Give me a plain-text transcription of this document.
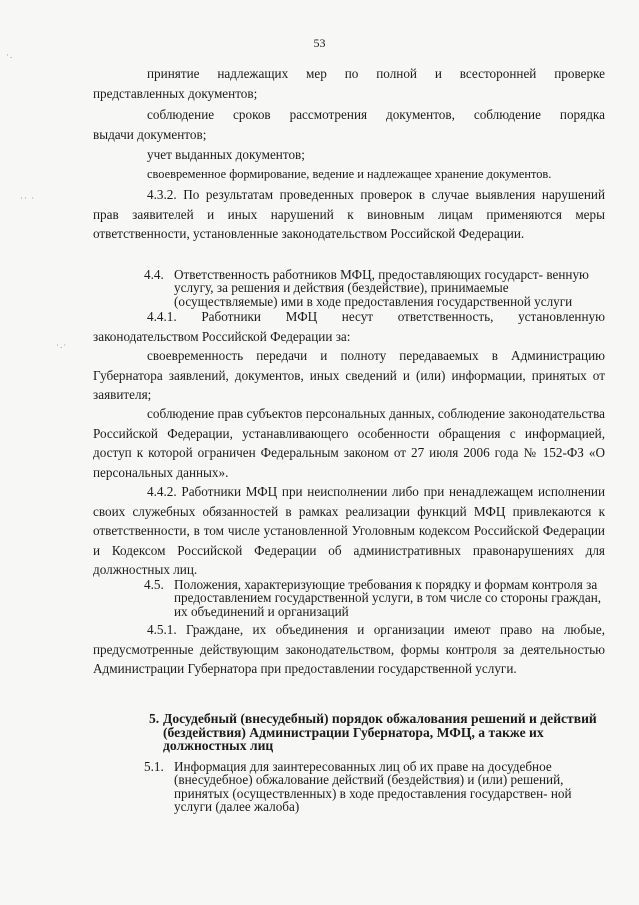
53
·.
·· ·
·.·

принятие надлежащих мер по полной и всесторонней проверке

представленных документов;

соблюдение сроков рассмотрения документов, соблюдение порядка

выдачи документов;

учет выданных документов;

своевременное формирование, ведение и надлежащее хранение документов.

4.3.2. По результатам проведенных проверок в случае выявления нарушений прав заявителей и иных нарушений к виновным лицам применяются меры ответственности, установленные законодательством Российской Федерации.

4.4. Ответственность работников МФЦ, предоставляющих государст- венную услугу, за решения и действия (бездействие), принимаемые (осуществляемые) ими в ходе предоставления государственной услуги

4.4.1. Работники МФЦ несут ответственность, установленную законодательством Российской Федерации за:

своевременность передачи и полноту передаваемых в Администрацию Губернатора заявлений, документов, иных сведений и (или) информации, принятых от заявителя;

соблюдение прав субъектов персональных данных, соблюдение законодательства Российской Федерации, устанавливающего особенности обращения с информацией, доступ к которой ограничен Федеральным законом от 27 июля 2006 года № 152-ФЗ «О персональных данных».

4.4.2. Работники МФЦ при неисполнении либо при ненадлежащем исполнении своих служебных обязанностей в рамках реализации функций МФЦ привлекаются к ответственности, в том числе установленной Уголовным кодексом Российской Федерации и Кодексом Российской Федерации об административных правонарушениях для должностных лиц.

4.5. Положения, характеризующие требования к порядку и формам контроля за предоставлением государственной услуги, в том числе со стороны граждан, их объединений и организаций

4.5.1. Граждане, их объединения и организации имеют право на любые, предусмотренные действующим законодательством, формы контроля за деятельностью Администрации Губернатора при предоставлении государственной услуги.

5. Досудебный (внесудебный) порядок обжалования решений и действий (бездействия) Администрации Губернатора, МФЦ, а также их должностных лиц
5.1. Информация для заинтересованных лиц об их праве на досудебное (внесудебное) обжалование действий (бездействия) и (или) решений, принятых (осуществленных) в ходе предоставления государствен- ной услуги (далее жалоба)
